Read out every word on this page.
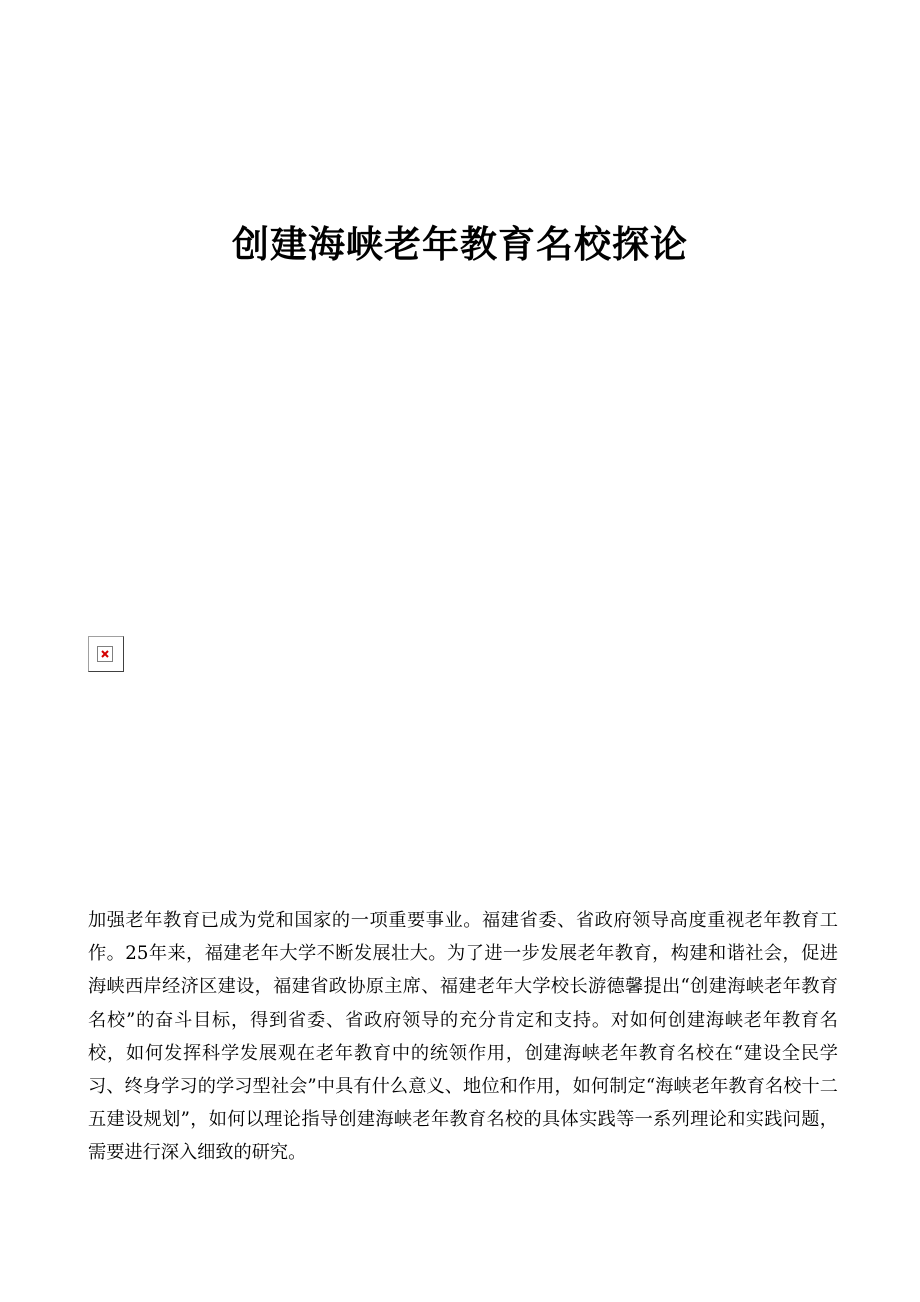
创建海峡老年教育名校探论

加强老年教育已成为党和国家的一项重要事业。福建省委、省政府领导高度重视老年教育工作。25年来，福建老年大学不断发展壮大。为了进一步发展老年教育，构建和谐社会，促进海峡西岸经济区建设，福建省政协原主席、福建老年大学校长游德馨提出“创建海峡老年教育名校”的奋斗目标，得到省委、省政府领导的充分肯定和支持。对如何创建海峡老年教育名校，如何发挥科学发展观在老年教育中的统领作用，创建海峡老年教育名校在“建设全民学习、终身学习的学习型社会”中具有什么意义、地位和作用，如何制定“海峡老年教育名校十二五建设规划”，如何以理论指导创建海峡老年教育名校的具体实践等一系列理论和实践问题，需要进行深入细致的研究。
